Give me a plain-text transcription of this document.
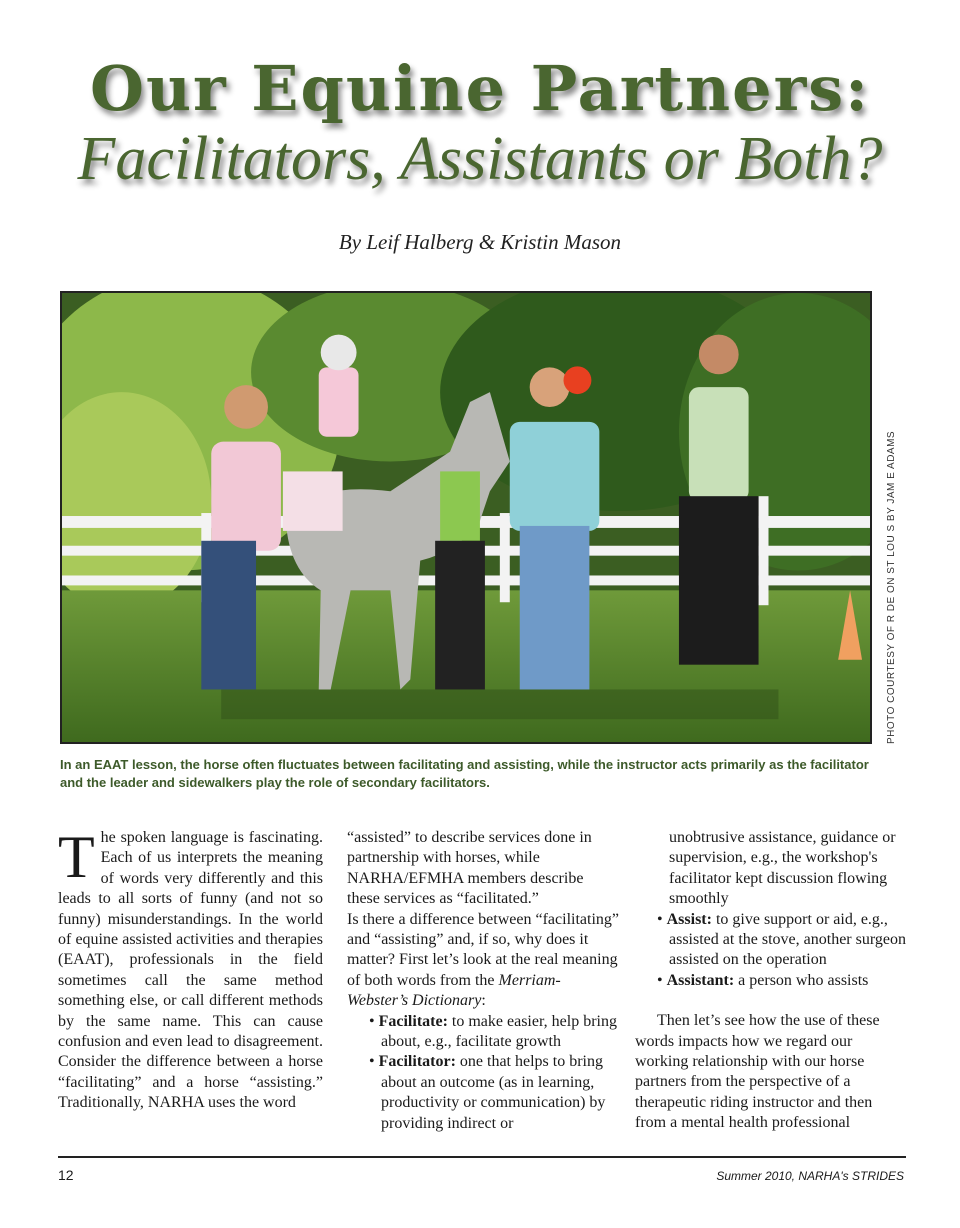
Our Equine Partners:
Facilitators, Assistants or Both?
By Leif Halberg & Kristin Mason
PHOTO COURTESY OF R DE ON ST LOU S BY JAM E ADAMS
In an EAAT lesson, the horse often fluctuates between facilitating and assisting, while the instructor acts primarily as the facilitator and the leader and sidewalkers play the role of secondary facilitators.

The spoken language is fascinating. Each of us interprets the meaning of words very differently and this leads to all sorts of funny (and not so funny) misunderstandings. In the world of equine assisted activities and therapies (EAAT), professionals in the field sometimes call the same method something else, or call different methods by the same name. This can cause confusion and even lead to disagreement. Consider the difference between a horse “facilitating” and a horse “assisting.” Traditionally, NARHA uses the word

“assisted” to describe services done in partnership with horses, while NARHA/EFMHA members describe these services as “facilitated.”

Is there a difference between “facilitating” and “assisting” and, if so, why does it matter? First let’s look at the real meaning of both words from the Merriam-Webster’s Dictionary:

• Facilitate: to make easier, help bring about, e.g., facilitate growth

• Facilitator: one that helps to bring about an outcome (as in learning, productivity or communication) by providing indirect or

unobtrusive assistance, guidance or supervision, e.g., the workshop's facilitator kept discussion flowing smoothly

• Assist: to give support or aid, e.g., assisted at the stove, another surgeon assisted on the operation

• Assistant: a person who assists

Then let’s see how the use of these words impacts how we regard our working relationship with our horse partners from the perspective of a therapeutic riding instructor and then from a mental health professional

12	Summer 2010, NARHA's STRIDES
